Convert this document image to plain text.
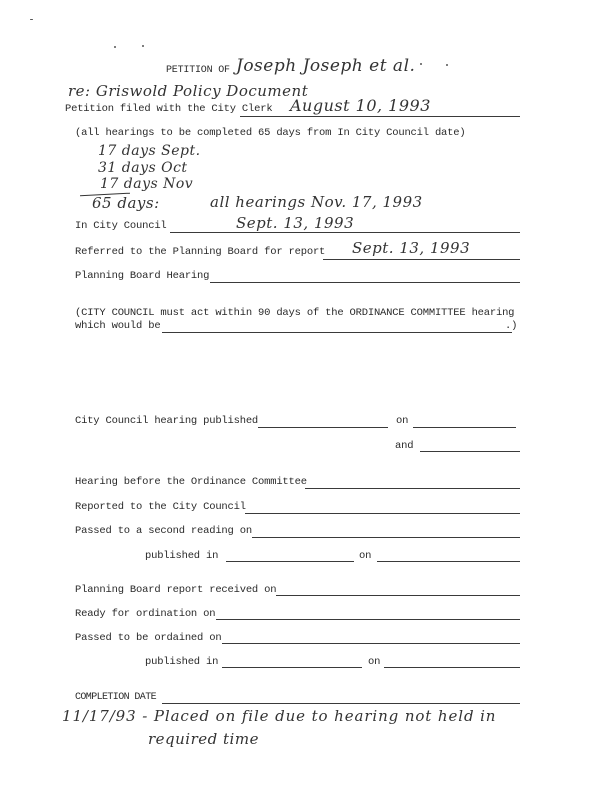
PETITION OF Joseph Joseph et al.
re: Griswold Policy Document
Petition filed with the City Clerk August 10, 1993
(all hearings to be completed 65 days from In City Council date)
17 days Sept.
31 days Oct
17 days Nov
65 days:	all hearings Nov. 17, 1993
In City Council	Sept. 13, 1993
Referred to the Planning Board for report Sept. 13, 1993
Planning Board Hearing
(CITY COUNCIL must act within 90 days of the ORDINANCE COMMITTEE hearing
which would be	.)
City Council hearing published	on
and
Hearing before the Ordinance Committee
Reported to the City Council
Passed to a second reading on
published in	on
Planning Board report received on
Ready for ordination on
Passed to be ordained on
published in	on
COMPLETION DATE
11/17/93 - Placed on file due to hearing not held in
required time
